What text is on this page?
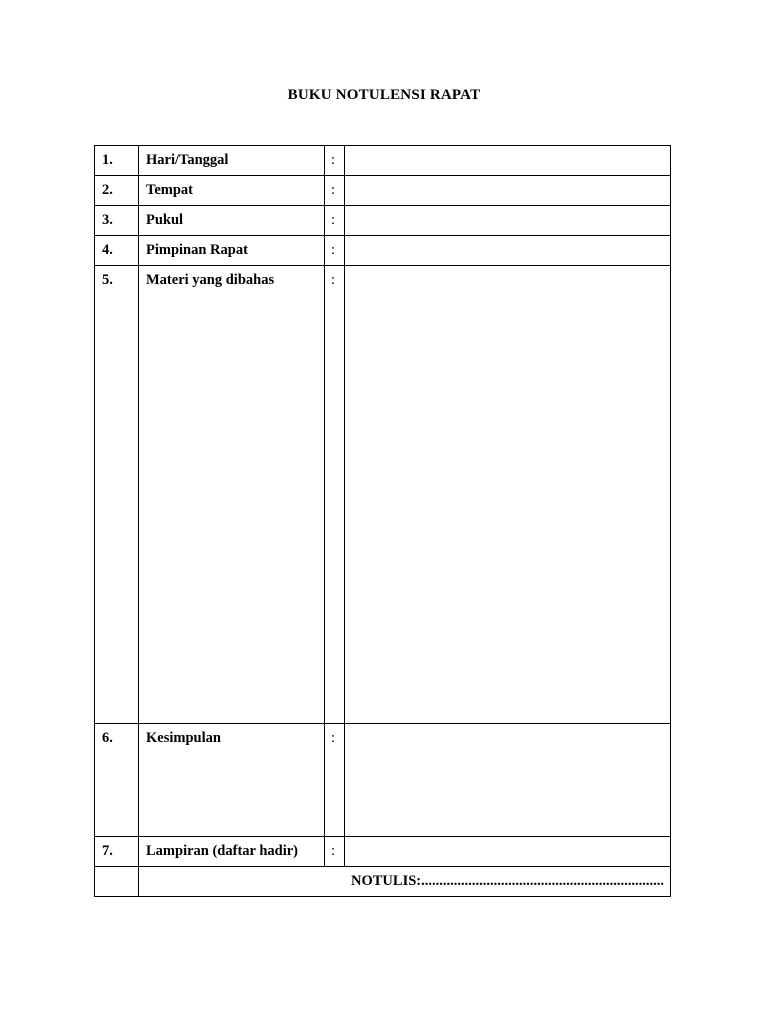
BUKU NOTULENSI RAPAT
1.	Hari/Tanggal	:	
2.	Tempat	:	
3.	Pukul	:	
4.	Pimpinan Rapat	:	
5.	Materi yang dibahas	:	
6.	Kesimpulan	:	
7.	Lampiran (daftar hadir)	:	
	NOTULIS:...................................................................		
